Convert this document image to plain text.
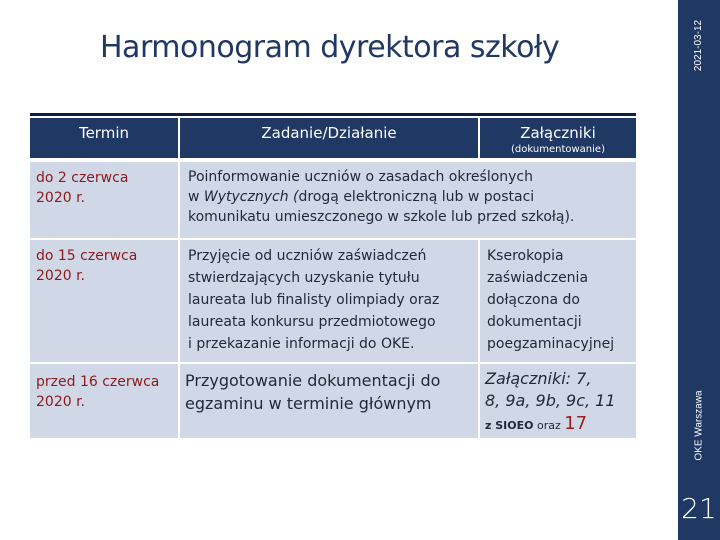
2021-03-12
OKE Warszawa
21
Harmonogram dyrektora szkoły
Termin	Zadanie/Działanie	Załączniki
(dokumentowanie)
do 2 czerwca
2020 r.
Poinformowanie uczniów o zasadach określonych
w Wytycznych (drogą elektroniczną lub w postaci
komunikatu umieszczonego w szkole lub przed szkołą).
do 15 czerwca
2020 r.
Przyjęcie od uczniów zaświadczeń
stwierdzających uzyskanie tytułu
laureata lub finalisty olimpiady oraz
laureata konkursu przedmiotowego
i przekazanie informacji do OKE.
Kserokopia
zaświadczenia
dołączona do
dokumentacji
poegzaminacyjnej
przed 16 czerwca
2020 r.
Przygotowanie dokumentacji do
egzaminu w terminie głównym
Załączniki: 7,
8, 9a, 9b, 9c, 11
z SIOEO oraz 17
